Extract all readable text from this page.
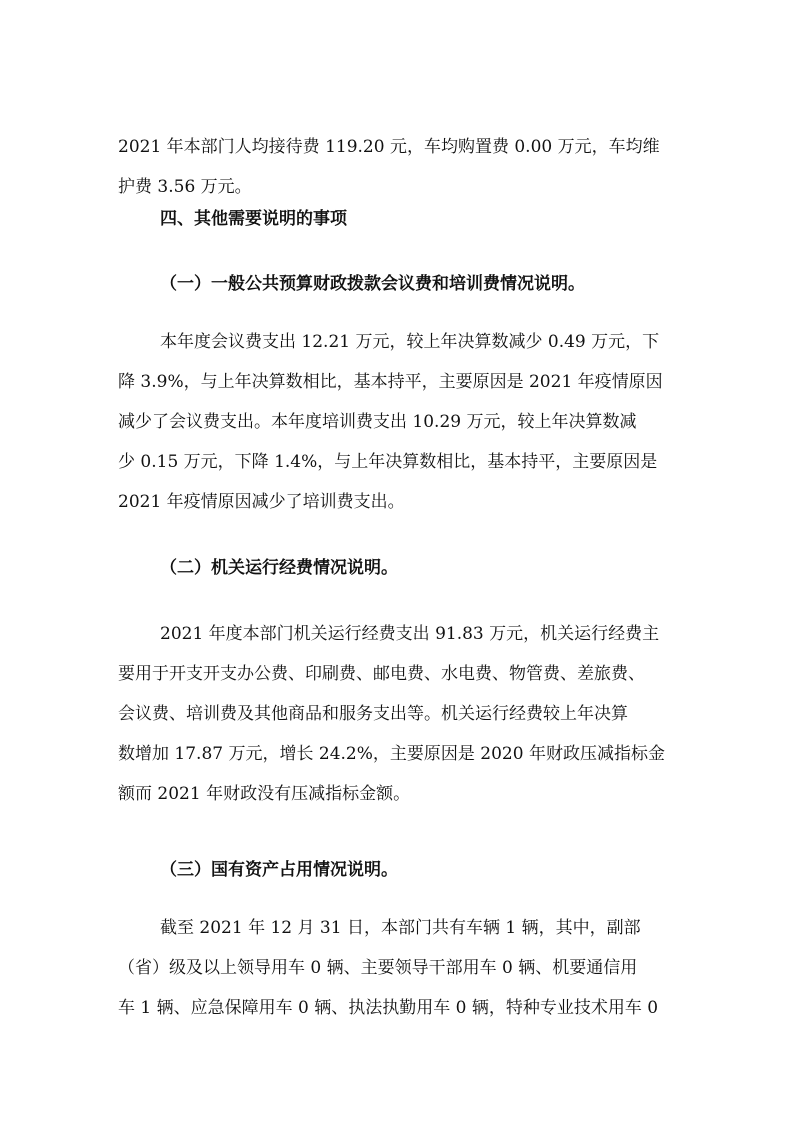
2021 年本部门人均接待费 119.20 元，车均购置费 0.00 万元，车均维
护费 3.56 万元。
四、其他需要说明的事项
（一）一般公共预算财政拨款会议费和培训费情况说明。
本年度会议费支出 12.21 万元，较上年决算数减少 0.49 万元，下
降 3.9%，与上年决算数相比，基本持平，主要原因是 2021 年疫情原因
减少了会议费支出。本年度培训费支出 10.29 万元，较上年决算数减
少 0.15 万元，下降 1.4%，与上年决算数相比，基本持平，主要原因是
2021 年疫情原因减少了培训费支出。
（二）机关运行经费情况说明。
2021 年度本部门机关运行经费支出 91.83 万元，机关运行经费主
要用于开支开支办公费、印刷费、邮电费、水电费、物管费、差旅费、
会议费、培训费及其他商品和服务支出等。机关运行经费较上年决算
数增加 17.87 万元，增长 24.2%，主要原因是 2020 年财政压减指标金
额而 2021 年财政没有压减指标金额。
（三）国有资产占用情况说明。
截至 2021 年 12 月 31 日，本部门共有车辆 1 辆，其中，副部
（省）级及以上领导用车 0 辆、主要领导干部用车 0 辆、机要通信用
车 1 辆、应急保障用车 0 辆、执法执勤用车 0 辆，特种专业技术用车 0
